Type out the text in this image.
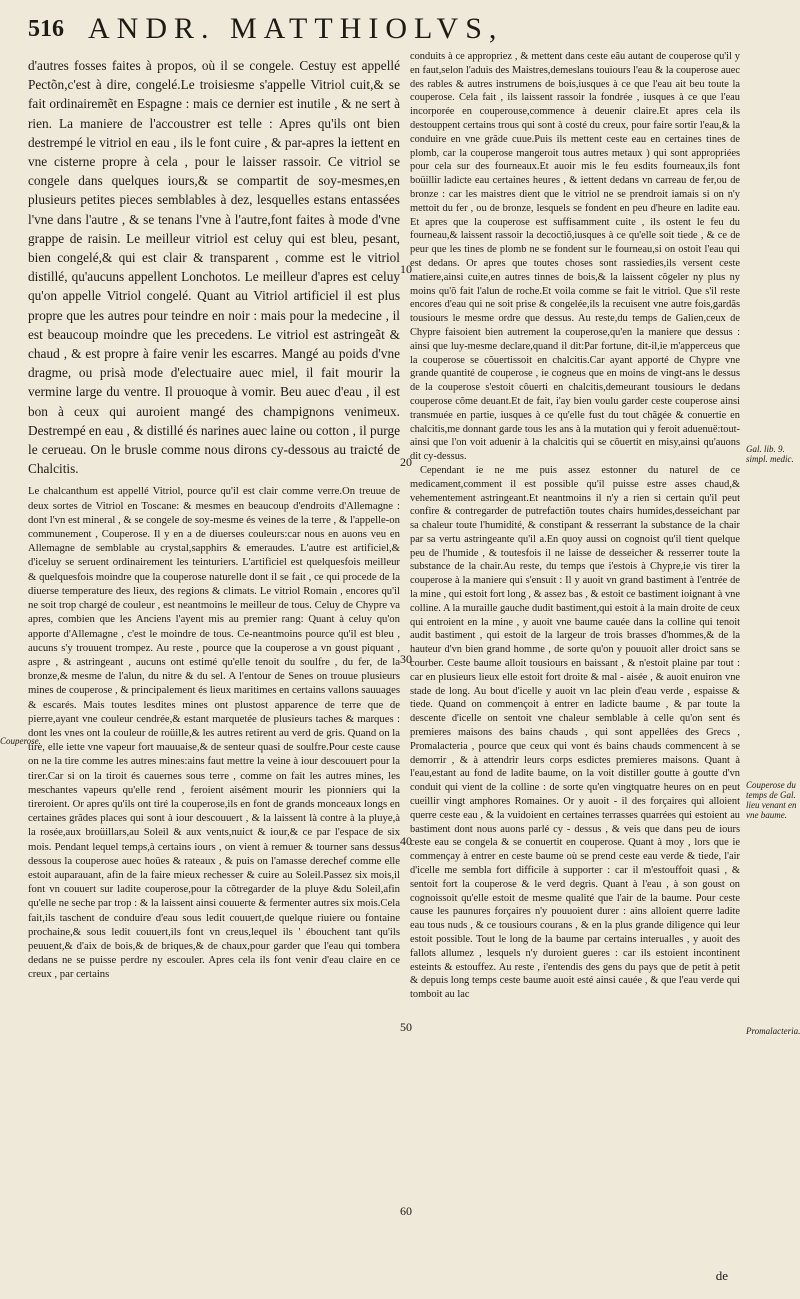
516 ANDR. MATTHIOLVS,

d'autres fosses faites à propos, où il se congele. Cestuy est appellé Pectõn,c'est à dire, congelé.Le troisiesme s'appelle Vitriol cuit,& se fait ordinairemẽt en Espagne : mais ce dernier est inutile , & ne sert à rien. La maniere de l'accoustrer est telle : Apres qu'ils ont bien destrempé le vitriol en eau , ils le font cuire , & par-apres la iettent en vne cisterne propre à cela , pour le laisser rassoir. Ce vitriol se congele dans quelques iours,& se compartit de soy-mesmes,en plusieurs petites pieces semblables à dez, lesquelles estans entassées l'vne dans l'autre , & se tenans l'vne à l'autre,font faites à mode d'vne grappe de raisin. Le meilleur vitriol est celuy qui est bleu, pesant, bien congelé,& qui est clair & transparent , comme est le vitriol distillé, qu'aucuns appellent Lonchotos. Le meilleur d'apres est celuy qu'on appelle Vitriol congelé. Quant au Vitriol artificiel il est plus propre que les autres pour teindre en noir : mais pour la medecine , il est beaucoup moindre que les precedens. Le vitriol est astringeãt & chaud , & est propre à faire venir les escarres. Mangé au poids d'vne dragme, ou prisà mode d'electuaire auec miel, il fait mourir la vermine large du ventre. Il prouoque à vomir. Beu auec d'eau , il est bon à ceux qui auroient mangé des champignons venimeux. Destrempé en eau , & distillé és narines auec laine ou cotton , il purge le cerueau. On le brusle comme nous dirons cy-dessous au traicté de Chalcitis.

Le chalcanthum est appellé Vitriol, pource qu'il est clair comme verre.On treuue de deux sortes de Vitriol en Toscane: & mesmes en beaucoup d'endroits d'Allemagne : dont l'vn est mineral , & se congele de soy-mesme és veines de la terre , & l'appelle-on communement , Couperose. Il y en a de diuerses couleurs:car nous en auons veu en Allemagne de semblable au crystal,sapphirs & emeraudes. L'autre est artificiel,& d'iceluy se seruent ordinairement les teinturiers. L'artificiel est quelquesfois meilleur & quelquesfois moindre que la couperose naturelle dont il se fait , ce qui procede de la diuerse temperature des lieux, des regions & climats. Le vitriol Romain , encores qu'il ne soit trop chargé de couleur , est neantmoins le meilleur de tous. Celuy de Chypre va apres, combien que les Anciens l'ayent mis au premier rang: Quant à celuy qu'on apporte d'Allemagne , c'est le moindre de tous. Ce-neantmoins pource qu'il est bleu , aucuns s'y trouuent trompez. Au reste , pource que la couperose a vn goust piquant , aspre , & astringeant , aucuns ont estimé qu'elle tenoit du soulfre , du fer, de la bronze,& mesme de l'alun, du nitre & du sel. A l'entour de Senes on trouue plusieurs mines de couperose , & principalement és lieux maritimes en certains vallons sauuages & escarés. Mais toutes lesdites mines ont plustost apparence de terre que de pierre,ayant vne couleur cendrée,& estant marquetée de plusieurs taches & marques : dont les vnes ont la couleur de roüille,& les autres retirent au verd de gris. Quand on la tire, elle iette vne vapeur fort mauuaise,& de senteur quasi de soulfre.Pour ceste cause on ne la tire comme les autres mines:ains faut mettre la veine à iour descouuert pour la tirer.Car si on la tiroit és cauernes sous terre , comme on fait les autres mines, les meschantes vapeurs qu'elle rend , feroient aisément mourir les pionniers qui la tireroient. Or apres qu'ils ont tiré la couperose,ils en font de grands monceaux longs en certaines grãdes places qui sont à iour descouuert , & la laissent là contre à la pluye,à la rosée,aux broüillars,au Soleil & aux vents,nuict & iour,& ce par l'espace de six mois. Pendant lequel temps,à certains iours , on vient à remuer & tourner sans dessus dessous la couperose auec hoües & rateaux , & puis on l'amasse derechef comme elle estoit auparauant, afin de la faire mieux rechesser & cuire au Soleil.Passez six mois,il font vn couuert sur ladite couperose,pour la cõtregarder de la pluye &du Soleil,afin qu'elle ne seche par trop : & la laissent ainsi couuerte & fermenter autres six mois.Cela fait,ils taschent de conduire d'eau sous ledit couuert,de quelque riuiere ou fontaine prochaine,& sous ledit couuert,ils font vn creus,lequel ils ' ébouchent tant qu'ils peuuent,& d'aix de bois,& de briques,& de chaux,pour garder que l'eau qui tombera dedans ne se puisse perdre ny escouler. Apres cela ils font venir d'eau claire en ce creux , par certains

conduits à ce appropriez , & mettent dans ceste eãu autant de couperose qu'il y en faut,selon l'aduis des Maistres,demeslans touiours l'eau & la couperose auec des rables & autres instrumens de bois,iusques à ce que l'eau ait beu toute la couperose. Cela fait , ils laissent rassoir la fondrée , iusques à ce que l'eau incorporée en couperouse,commence à deuenir claire.Et apres cela ils destouppent certains trous qui sont à costé du creux, pour faire sortir l'eau,& la conduire en vne grãde cuue.Puis ils mettent ceste eau en certaines tines de plomb, car la couperose mangeroit tous autres metaux ) qui sont appropriées pour cela sur des fourneaux.Et auoir mis le feu esdits fourneaux,ils font boüillir ladicte eau certaines heures , & iettent dedans vn carreau de fer,ou de bronze : car les maistres dient que le vitriol ne se prendroit iamais si on n'y mettoit du fer , ou de bronze, lesquels se fondent en peu d'heure en ladite eau. Et apres que la couperose est suffisamment cuite , ils ostent le feu du fourneau,& laissent rassoir la decoctiõ,iusques à ce qu'elle soit tiede , & ce de peur que les tines de plomb ne se fondent sur le fourneau,si on ostoit l'eau qui est dedans. Or apres que toutes choses sont rassiedies,ils versent ceste matiere,ainsi cuite,en autres tinnes de bois,& la laissent cõgeler ny plus ny moins qu'õ fait l'alun de roche.Et voila comme se fait le vitriol. Que s'il reste encores d'eau qui ne soit prise & congelée,ils la recuisent vne autre fois,gardãs tousiours le mesme ordre que dessus. Au reste,du temps de Galien,ceux de Chypre faisoient bien autrement la couperose,qu'en la maniere que dessus : ainsi que luy-mesme declare,quand il dit:Par fortune, dit-il,ie m'apperceus que la couperose se cõuertissoit en chalcitis.Car ayant apporté de Chypre vne grande quantité de couperose , ie cogneus que en moins de vingt-ans le dessus de la couperose s'estoit côuerti en chalcitis,demeurant tousiours le dedans couperose cõme deuant.Et de fait, i'ay bien voulu garder ceste couperose ainsi transmuée en partie, iusques à ce qu'elle fust du tout chãgée & conuertie en chalcitis,me donnant garde tous les ans à la mutation qui y feroit aduenuë:tout-ainsi que l'on voit aduenir à la chalcitis qui se cõuertit en misy,ainsi qu'auons dit cy-dessus.

Cependant ie ne me puis assez estonner du naturel de ce medicament,comment il est possible qu'il puisse estre asses chaud,& vehementement astringeant.Et neantmoins il n'y a rien si certain qu'il peut confire & contregarder de putrefactiõn toutes chairs humides,desseichant par sa chaleur toute l'humidité, & constipant & resserrant la substance de la chair par sa vertu astringeante qu'il a.En quoy aussi on cognoist qu'il tient quelque peu de l'humide , & toutesfois il ne laisse de desseicher & resserrer toute la substance de la chair.Au reste, du temps que i'estois à Chypre,ie vis tirer la couperose à la maniere qui s'ensuit : Il y auoit vn grand bastiment à l'entrée de la mine , qui estoit fort long , & assez bas , & estoit ce bastiment ioignant à vne colline. A la muraille gauche dudit bastiment,qui estoit à la main droite de ceux qui entroient en la mine , y auoit vne baume cauée dans la colline qui tenoit audit bastiment , qui estoit de la largeur de trois brasses d'hommes,& de la hauteur d'vn bien grand homme , de sorte qu'on y pouuoit aller droict sans se courber. Ceste baume alloit tousiours en baissant , & n'estoit plaine par tout : car en plusieurs lieux elle estoit fort droite & mal - aisée , & auoit enuiron vne stade de long. Au bout d'icelle y auoit vn lac plein d'eau verde , espaisse & tiede. Quand on commençoit à entrer en ladicte baume , & par toute la descente d'icelle on sentoit vne chaleur semblable à celle qu'on sent és premieres maisons des bains chauds , qui sont appellées des Grecs , Promalacteria , pource que ceux qui vont és bains chauds commencent à se demorrir , & à attendrir leurs corps esdictes premieres maisons. Quant à l'eau,estant au fond de ladite baume, on la voit distiller goutte à goutte d'vn conduit qui vient de la colline : de sorte qu'en vingtquatre heures on en peut cueillir vingt amphores Romaines. Or y auoit - il des forçaires qui alloient querre ceste eau , & la vuidoient en certaines terrasses quarrées qui estoient au bastiment dont nous auons parlé cy - dessus , & veis que dans peu de iours ceste eau se congela & se conuertit en couperose. Quant à moy , lors que ie commençay à entrer en ceste baume où se prend ceste eau verde & tiede, l'air d'icelle me sembla fort difficile à supporter : car il m'estouffoit quasi , & sentoit fort la couperose & le verd degris. Quant à l'eau , à son goust on cognoissoit qu'elle estoit de mesme qualité que l'air de la baume. Pour ceste cause les paunures forçaires n'y pouuoient durer : ains alloient querre ladite eau tous nuds , & ce tousiours courans , & en la plus grande diligence qui leur estoit possible. Tout le long de la baume par certains interualles , y auoit des fallots allumez , lesquels n'y duroient gueres : car ils estoient incontinent esteints & estouffez. Au reste , i'entendis des gens du pays que de petit à petit & depuis long temps ceste baume auoit esté ainsi cauée , & que l'eau verde qui tomboit au lac

10
20
30
40
50
60
Couperose.
Gal. lib. 9. simpl. medic.
Couperose du temps de Gal. lieu venant en vne baume.
Promalacteria.
de
